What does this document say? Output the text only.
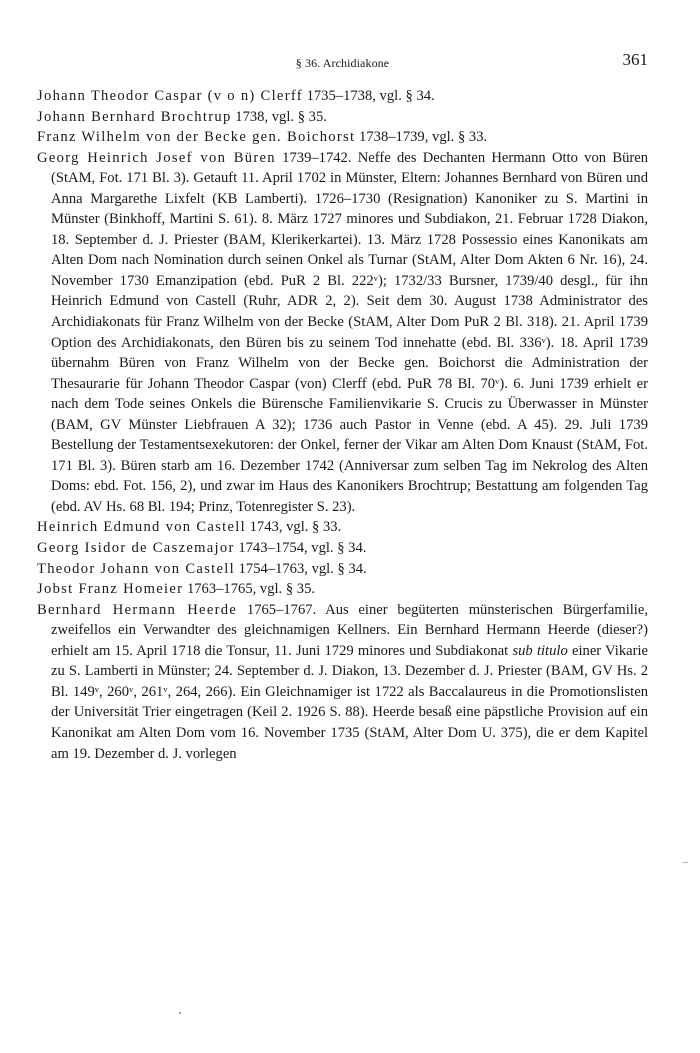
§ 36. Archidiakone	361

Johann Theodor Caspar (v o n) Clerff 1735–1738, vgl. § 34.

Johann Bernhard Brochtrup 1738, vgl. § 35.

Franz Wilhelm von der Becke gen. Boichorst 1738–1739, vgl. § 33.

Georg Heinrich Josef von Büren 1739–1742. Neffe des Dechanten Hermann Otto von Büren (StAM, Fot. 171 Bl. 3). Getauft 11. April 1702 in Münster, Eltern: Johannes Bernhard von Büren und Anna Margarethe Lixfelt (KB Lamberti). 1726–1730 (Resignation) Kanoniker zu S. Martini in Münster (Binkhoff, Martini S. 61). 8. März 1727 minores und Subdiakon, 21. Februar 1728 Diakon, 18. September d. J. Priester (BAM, Klerikerkartei). 13. März 1728 Possessio eines Kanonikats am Alten Dom nach Nomination durch seinen Onkel als Turnar (StAM, Alter Dom Akten 6 Nr. 16), 24. November 1730 Emanzipation (ebd. PuR 2 Bl. 222ᵛ); 1732/33 Bursner, 1739/40 desgl., für ihn Heinrich Edmund von Castell (Ruhr, ADR 2, 2). Seit dem 30. August 1738 Administrator des Archidiakonats für Franz Wilhelm von der Becke (StAM, Alter Dom PuR 2 Bl. 318). 21. April 1739 Option des Archidiakonats, den Büren bis zu seinem Tod innehatte (ebd. Bl. 336ᵛ). 18. April 1739 übernahm Büren von Franz Wilhelm von der Becke gen. Boichorst die Administration der Thesaurarie für Johann Theodor Caspar (von) Clerff (ebd. PuR 78 Bl. 70ᵛ). 6. Juni 1739 erhielt er nach dem Tode seines Onkels die Bürensche Familienvikarie S. Crucis zu Überwasser in Münster (BAM, GV Münster Liebfrauen A 32); 1736 auch Pastor in Venne (ebd. A 45). 29. Juli 1739 Bestellung der Testamentsexekutoren: der Onkel, ferner der Vikar am Alten Dom Knaust (StAM, Fot. 171 Bl. 3). Büren starb am 16. Dezember 1742 (Anniversar zum selben Tag im Nekrolog des Alten Doms: ebd. Fot. 156, 2), und zwar im Haus des Kanonikers Brochtrup; Bestattung am folgenden Tag (ebd. AV Hs. 68 Bl. 194; Prinz, Totenregister S. 23).

Heinrich Edmund von Castell 1743, vgl. § 33.

Georg Isidor de Caszemajor 1743–1754, vgl. § 34.

Theodor Johann von Castell 1754–1763, vgl. § 34.

Jobst Franz Homeier 1763–1765, vgl. § 35.

Bernhard Hermann Heerde 1765–1767. Aus einer begüterten münsterischen Bürgerfamilie, zweifellos ein Verwandter des gleichnamigen Kellners. Ein Bernhard Hermann Heerde (dieser?) erhielt am 15. April 1718 die Tonsur, 11. Juni 1729 minores und Subdiakonat sub titulo einer Vikarie zu S. Lamberti in Münster; 24. September d. J. Diakon, 13. Dezember d. J. Priester (BAM, GV Hs. 2 Bl. 149ᵛ, 260ᵛ, 261ᵛ, 264, 266). Ein Gleichnamiger ist 1722 als Baccalaureus in die Promotionslisten der Universität Trier eingetragen (Keil 2. 1926 S. 88). Heerde besaß eine päpstliche Provision auf ein Kanonikat am Alten Dom vom 16. November 1735 (StAM, Alter Dom U. 375), die er dem Kapitel am 19. Dezember d. J. vorlegen
